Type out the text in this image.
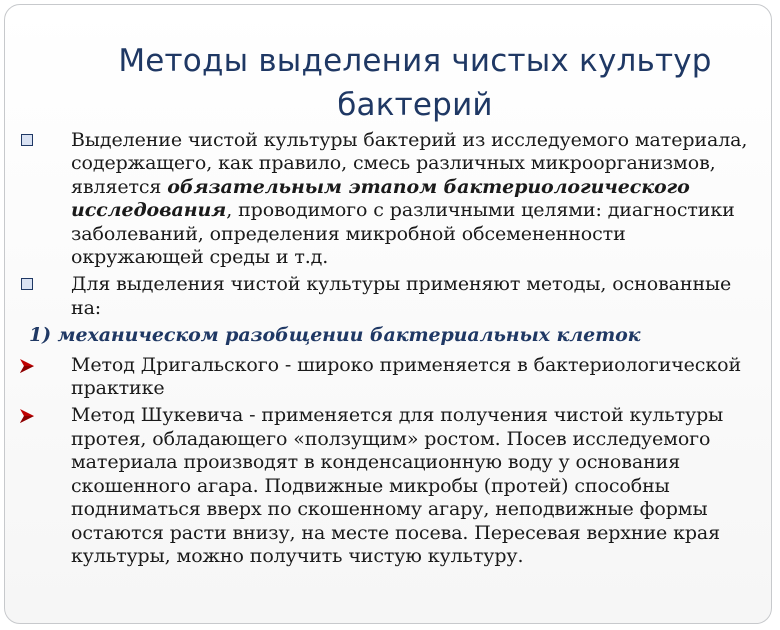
Методы выделения чистых культур
бактерий
Выделение чистой культуры бактерий из исследуемого материала, содержащего, как правило, смесь различных микроорганизмов, является обязательным этапом бактериологического исследования, проводимого с различными целями: диагностики заболеваний, определения микробной обсемененности окружающей среды и т.д.
Для выделения чистой культуры применяют методы, основанные на:
1) механическом разобщении бактериальных клеток
Метод Дригальского - широко применяется в бактериологической практике
Метод Шукевича - применяется для получения чистой культуры протея, обладающего «ползущим» ростом. Посев исследуемого материала производят в конденсационную воду у основания скошенного агара. Подвижные микробы (протей) способны подниматься вверх по скошенному агару, неподвижные формы остаются расти внизу, на месте посева. Пересевая верхние края культуры, можно получить чистую культуру.
